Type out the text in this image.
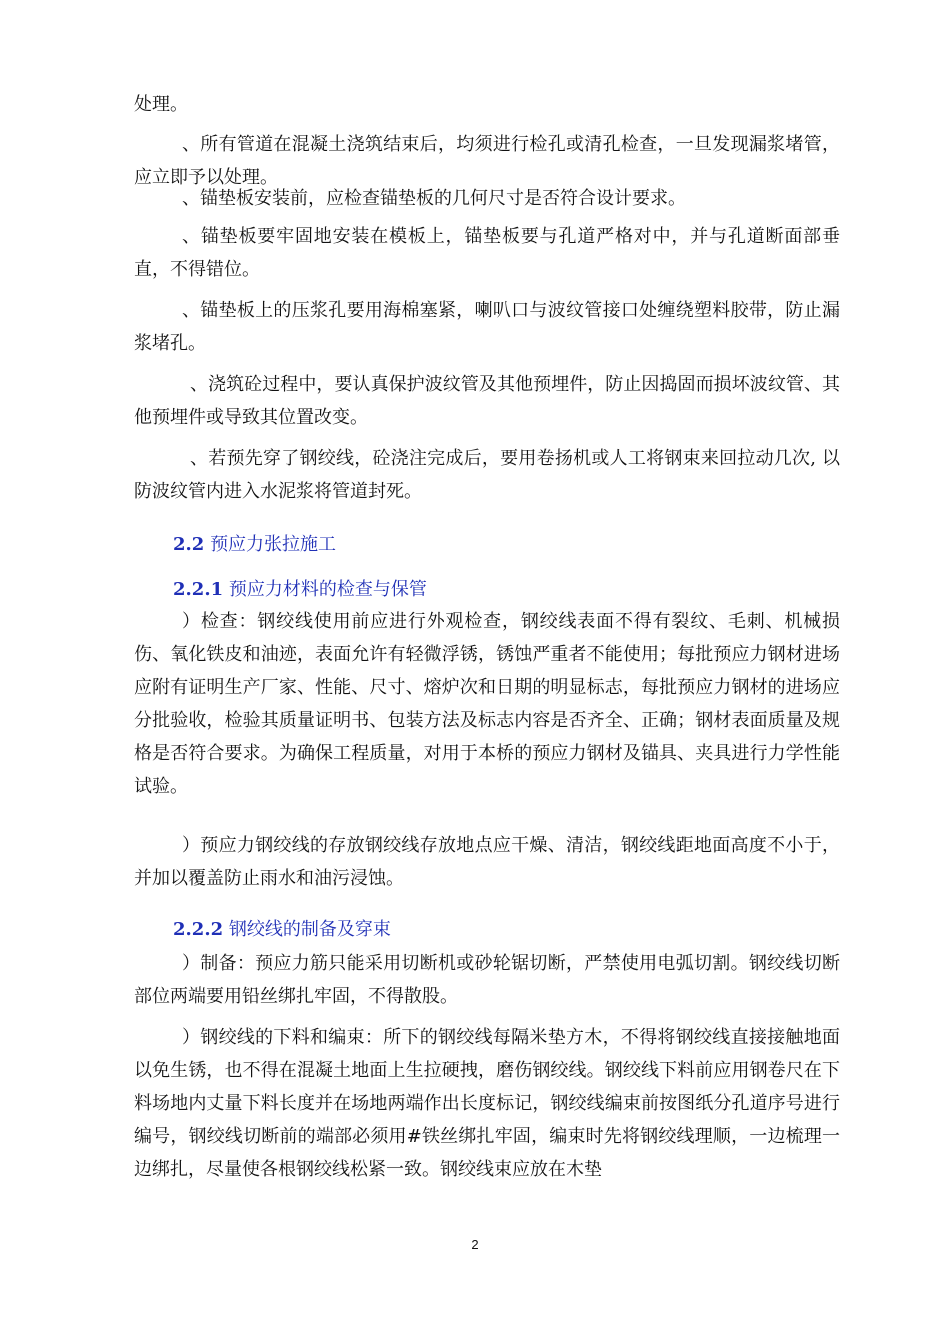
处理。

、所有管道在混凝土浇筑结束后，均须进行检孔或清孔检查，一旦发现漏浆堵管，应立即予以处理。

、锚垫板安装前，应检查锚垫板的几何尺寸是否符合设计要求。

、锚垫板要牢固地安装在模板上，锚垫板要与孔道严格对中，并与孔道断面部垂直，不得错位。

、锚垫板上的压浆孔要用海棉塞紧，喇叭口与波纹管接口处缠绕塑料胶带，防止漏浆堵孔。

、浇筑砼过程中，要认真保护波纹管及其他预埋件，防止因捣固而损坏波纹管、其他预埋件或导致其位置改变。

、若预先穿了钢绞线，砼浇注完成后，要用卷扬机或人工将钢束来回拉动几次, 以防波纹管内进入水泥浆将管道封死。

2.2 预应力张拉施工
2.2.1 预应力材料的检查与保管

）检查：钢绞线使用前应进行外观检查，钢绞线表面不得有裂纹、毛刺、机械损伤、氧化铁皮和油迹，表面允许有轻微浮锈，锈蚀严重者不能使用；每批预应力钢材进场应附有证明生产厂家、性能、尺寸、熔炉次和日期的明显标志，每批预应力钢材的进场应分批验收，检验其质量证明书、包装方法及标志内容是否齐全、正确；钢材表面质量及规格是否符合要求。为确保工程质量，对用于本桥的预应力钢材及锚具、夹具进行力学性能试验。

）预应力钢绞线的存放钢绞线存放地点应干燥、清洁，钢绞线距地面高度不小于，并加以覆盖防止雨水和油污浸蚀。

2.2.2 钢绞线的制备及穿束

）制备：预应力筋只能采用切断机或砂轮锯切断，严禁使用电弧切割。钢绞线切断部位两端要用铅丝绑扎牢固，不得散股。

）钢绞线的下料和编束：所下的钢绞线每隔米垫方木，不得将钢绞线直接接触地面以免生锈，也不得在混凝土地面上生拉硬拽，磨伤钢绞线。钢绞线下料前应用钢卷尺在下料场地内丈量下料长度并在场地两端作出长度标记，钢绞线编束前按图纸分孔道序号进行编号，钢绞线切断前的端部必须用#铁丝绑扎牢固，编束时先将钢绞线理顺，一边梳理一边绑扎，尽量使各根钢绞线松紧一致。钢绞线束应放在木垫

2
